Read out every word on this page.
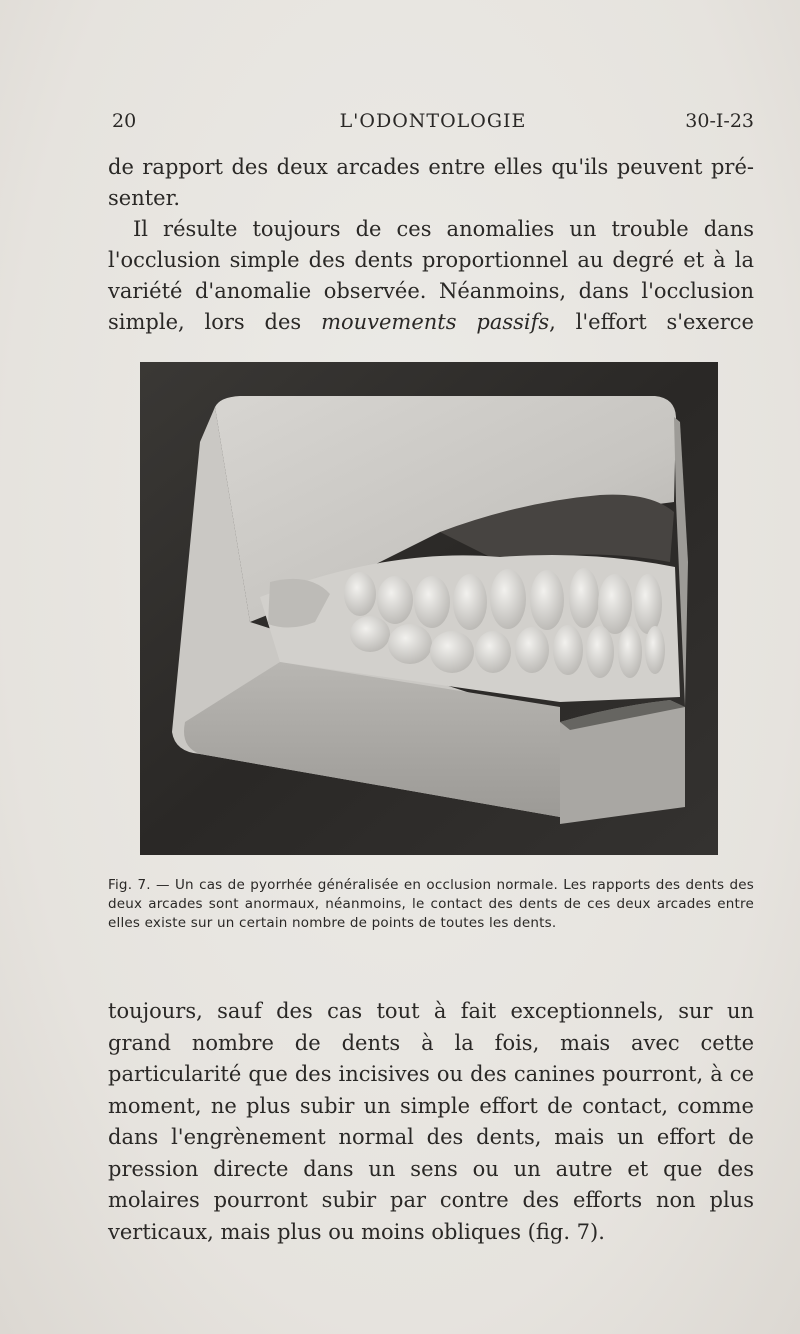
20	L'ODONTOLOGIE	30-I-23

de rapport des deux arcades entre elles qu'ils peuvent pré-

senter.

Il résulte toujours de ces anomalies un trouble dans l'occlusion simple des dents proportionnel au degré et à la variété d'anomalie observée. Néanmoins, dans l'occlusion simple, lors des mouvements passifs, l'effort s'exerce

Fig. 7. — Un cas de pyorrhée généralisée en occlusion normale. Les rapports des dents des deux arcades sont anormaux, néanmoins, le contact des dents de ces deux arcades entre elles existe sur un certain nombre de points de toutes les dents.

toujours, sauf des cas tout à fait exceptionnels, sur un grand nombre de dents à la fois, mais avec cette particularité que des incisives ou des canines pourront, à ce moment, ne plus subir un simple effort de contact, comme dans l'engrènement normal des dents, mais un effort de pression directe dans un sens ou un autre et que des molaires pourront subir par contre des efforts non plus verticaux, mais plus ou moins obliques (fig. 7).
